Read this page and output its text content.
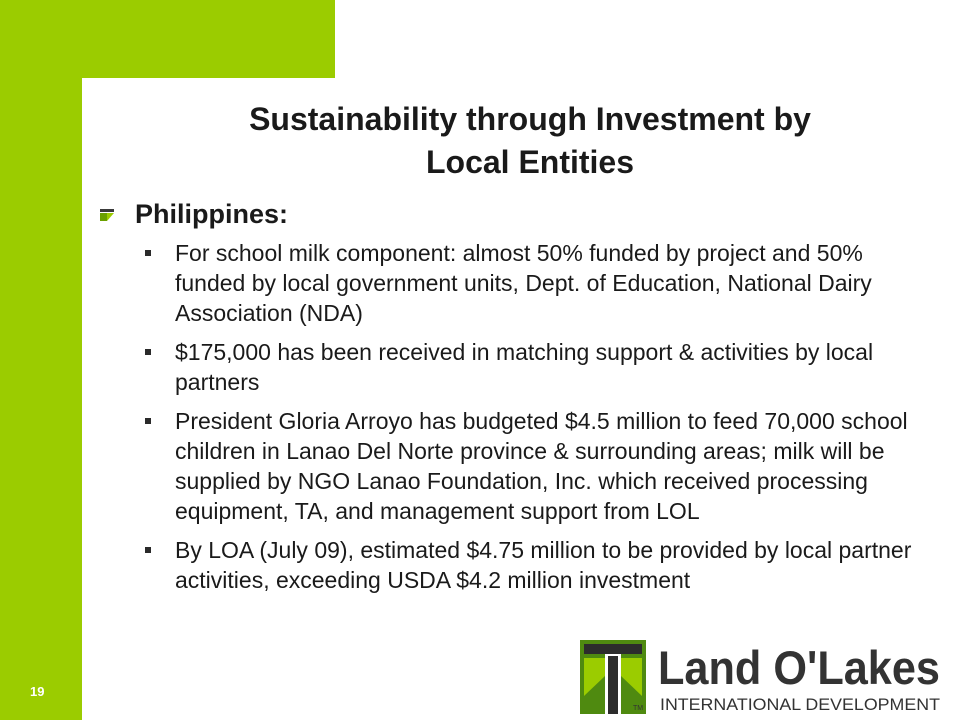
Sustainability through Investment by
Local Entities
Philippines:
For school milk component: almost 50% funded by project and 50% funded by local government units, Dept. of Education, National Dairy Association (NDA)
$175,000 has been received in matching support & activities by local partners
President Gloria Arroyo has budgeted $4.5 million to feed 70,000 school children in Lanao Del Norte province & surrounding areas; milk will be supplied by NGO Lanao Foundation, Inc. which received processing equipment, TA, and management support from LOL
By LOA (July 09), estimated $4.75 million to be provided by local partner activities, exceeding USDA $4.2 million investment
19	Land O'Lakes
TM INTERNATIONAL DEVELOPMENT
